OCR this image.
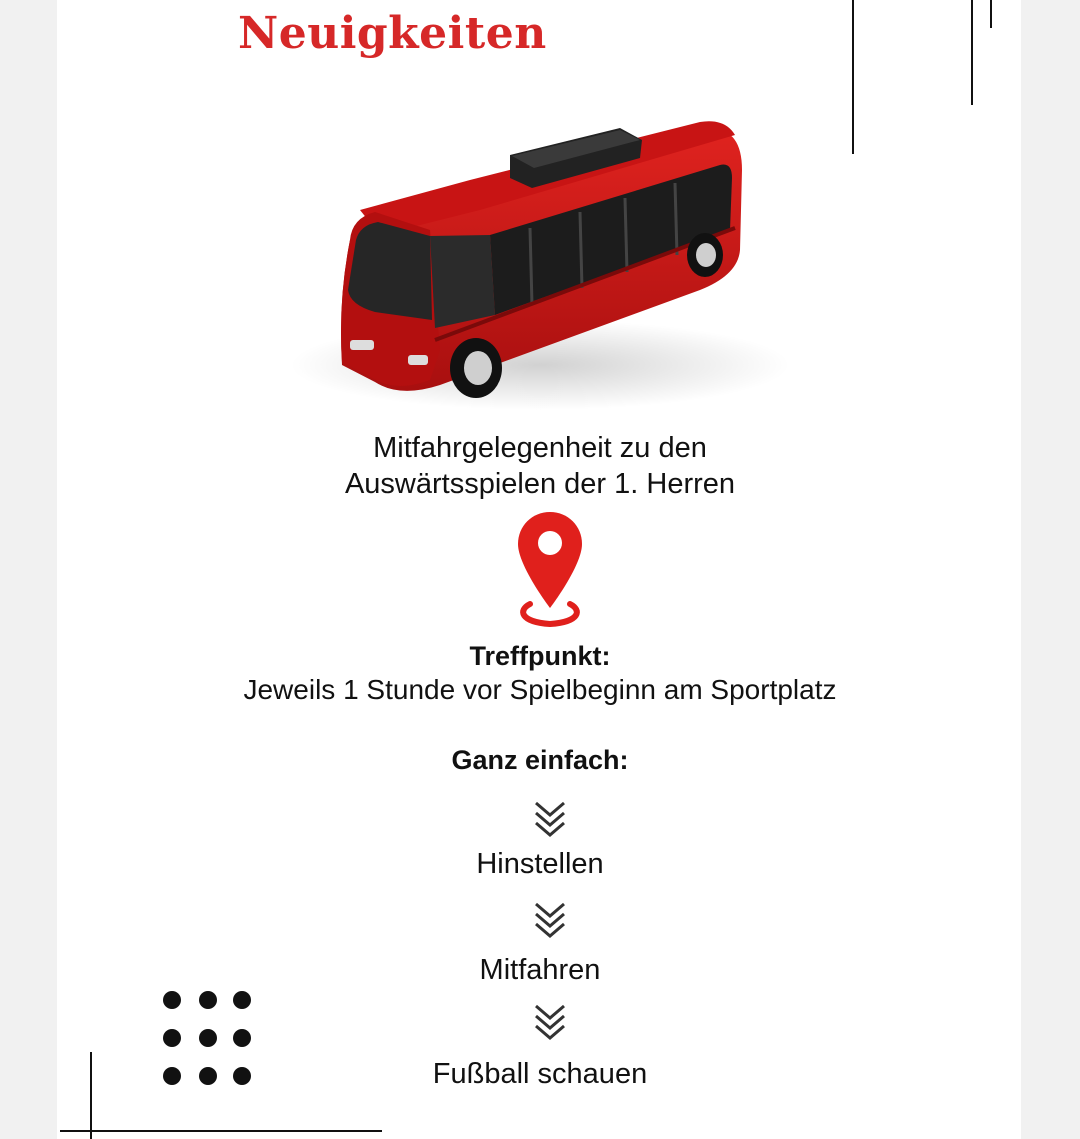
Neuigkeiten

Mitfahrgelegenheit zu den
Auswärtsspielen der 1. Herren

Treffpunkt:

Jeweils 1 Stunde vor Spielbeginn am Sportplatz

Ganz einfach:

Hinstellen

Mitfahren

Fußball schauen
